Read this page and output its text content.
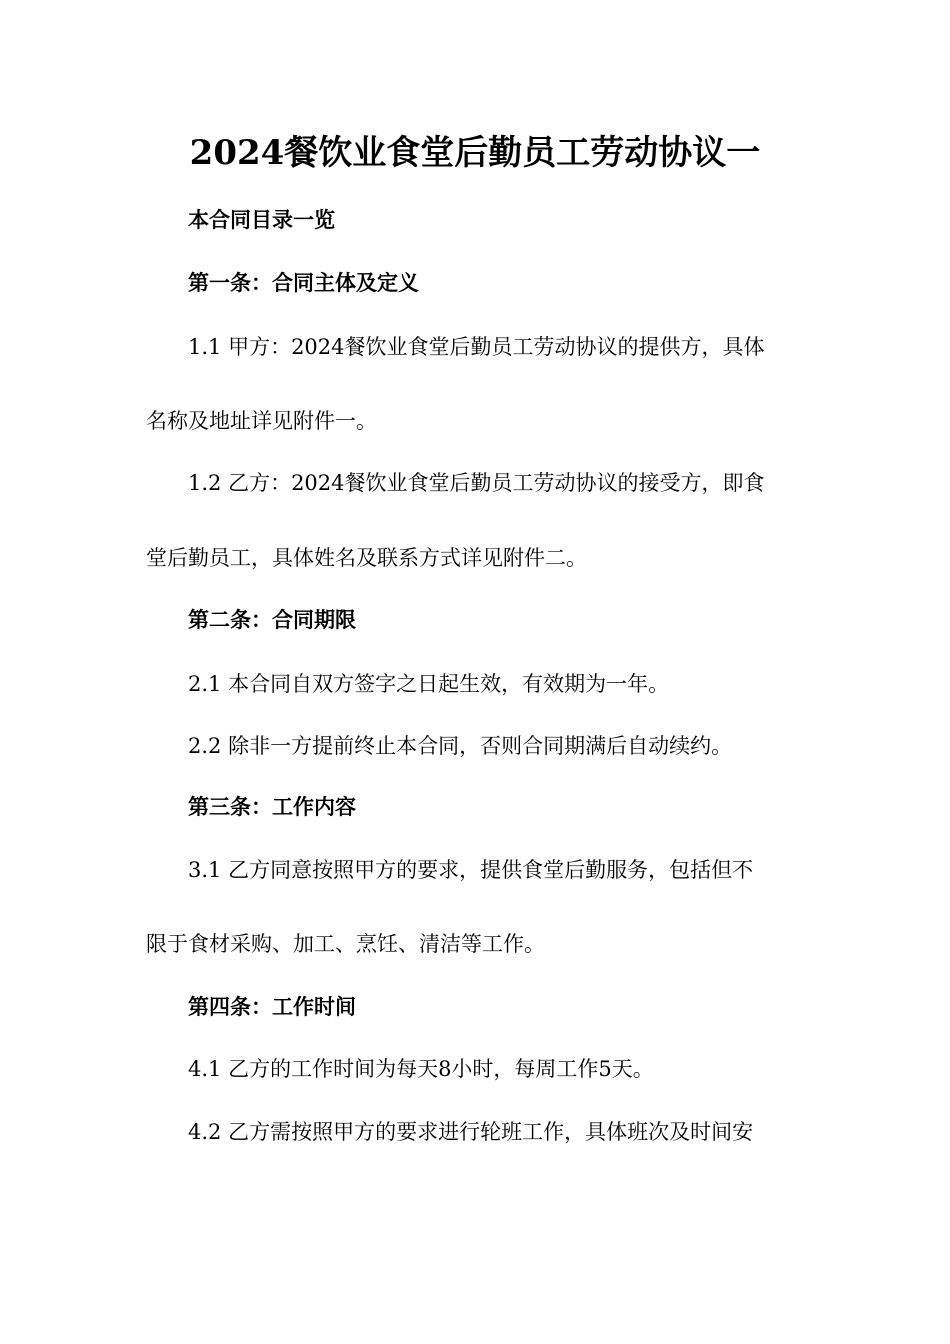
2024餐饮业食堂后勤员工劳动协议一
本合同目录一览
第一条：合同主体及定义
1.1 甲方：2024餐饮业食堂后勤员工劳动协议的提供方，具体
名称及地址详见附件一。
1.2 乙方：2024餐饮业食堂后勤员工劳动协议的接受方，即食
堂后勤员工，具体姓名及联系方式详见附件二。
第二条：合同期限
2.1 本合同自双方签字之日起生效，有效期为一年。
2.2 除非一方提前终止本合同，否则合同期满后自动续约。
第三条：工作内容
3.1 乙方同意按照甲方的要求，提供食堂后勤服务，包括但不
限于食材采购、加工、烹饪、清洁等工作。
第四条：工作时间
4.1 乙方的工作时间为每天8小时，每周工作5天。
4.2 乙方需按照甲方的要求进行轮班工作，具体班次及时间安
